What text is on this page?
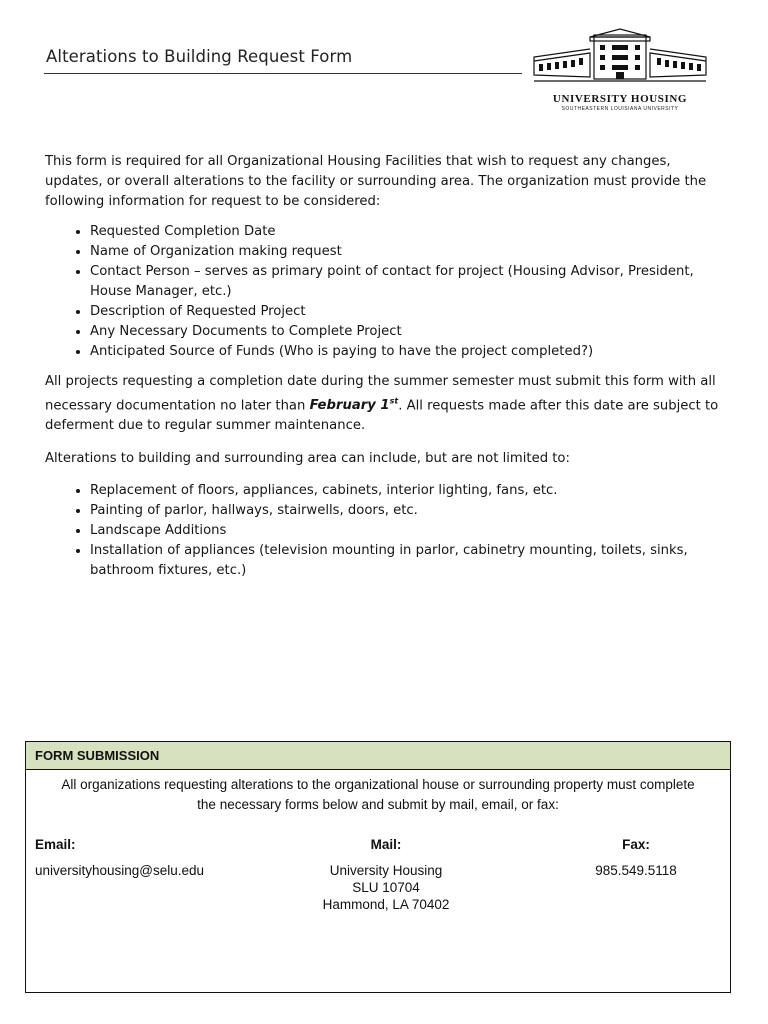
Alterations to Building Request Form
UNIVERSITY HOUSING
SOUTHEASTERN LOUISIANA UNIVERSITY

This form is required for all Organizational Housing Facilities that wish to request any changes, updates, or overall alterations to the facility or surrounding area. The organization must provide the following information for request to be considered:

• Requested Completion Date
• Name of Organization making request
• Contact Person – serves as primary point of contact for project (Housing Advisor, President, House Manager, etc.)
• Description of Requested Project
• Any Necessary Documents to Complete Project
• Anticipated Source of Funds (Who is paying to have the project completed?)

All projects requesting a completion date during the summer semester must submit this form with all necessary documentation no later than February 1st. All requests made after this date are subject to deferment due to regular summer maintenance.

Alterations to building and surrounding area can include, but are not limited to:

• Replacement of floors, appliances, cabinets, interior lighting, fans, etc.
• Painting of parlor, hallways, stairwells, doors, etc.
• Landscape Additions
• Installation of appliances (television mounting in parlor, cabinetry mounting, toilets, sinks, bathroom fixtures, etc.)
FORM SUBMISSION
All organizations requesting alterations to the organizational house or surrounding property must complete the necessary forms below and submit by mail, email, or fax:
Email:
universityhousing@selu.edu
Mail:
University Housing
SLU 10704
Hammond, LA 70402
Fax:
985.549.5118
